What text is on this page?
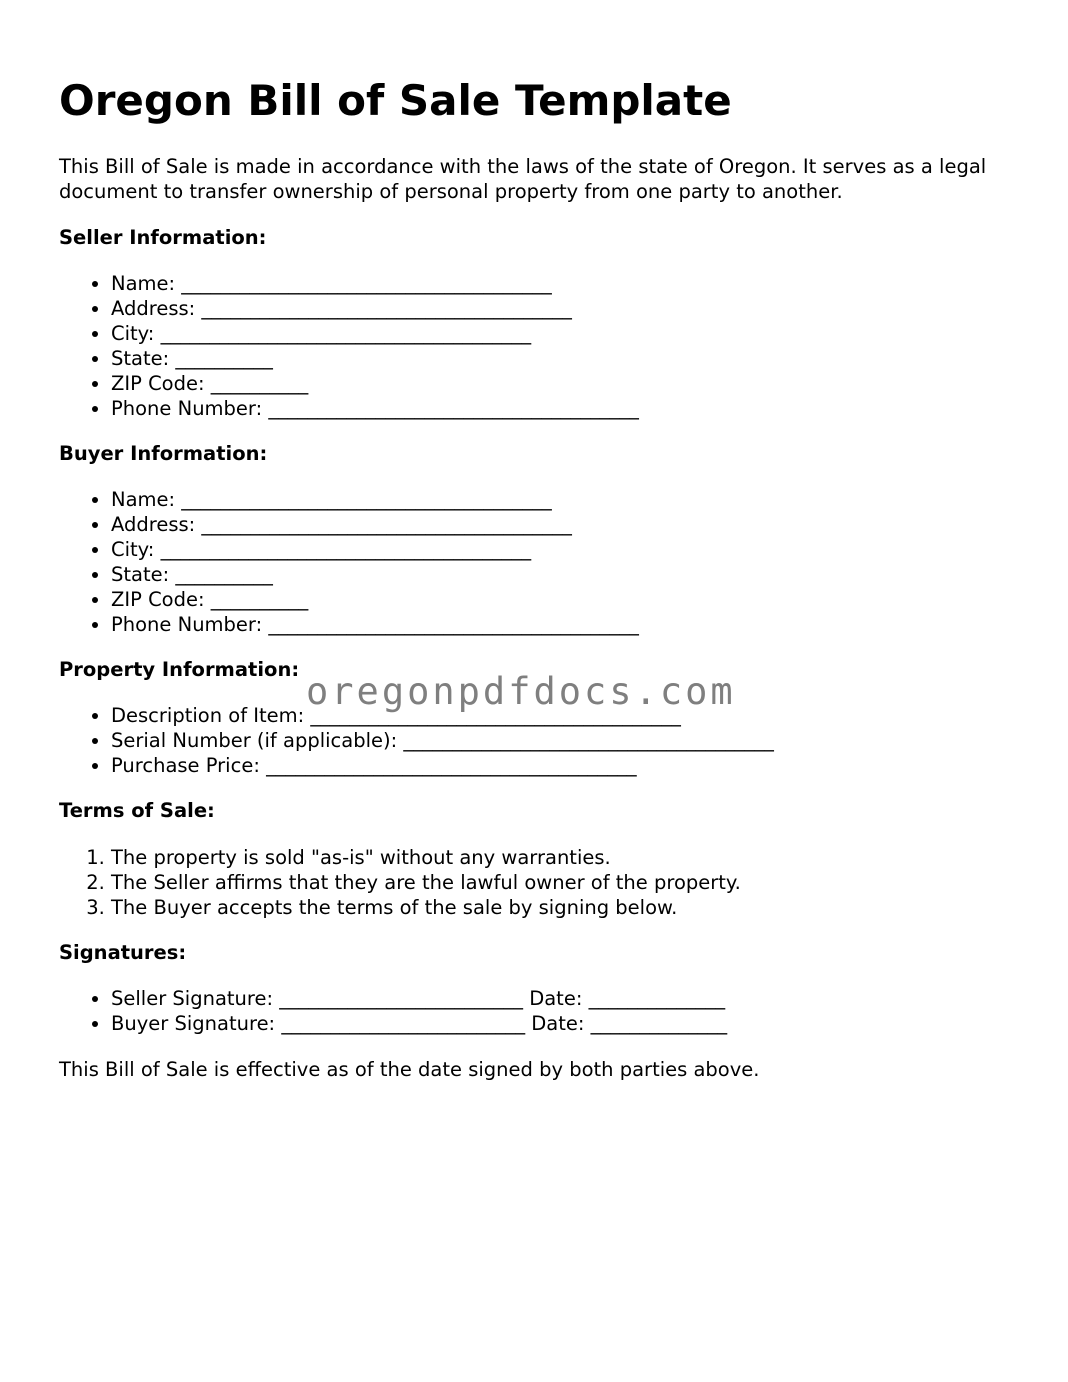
Oregon Bill of Sale Template

This Bill of Sale is made in accordance with the laws of the state of Oregon. It serves as a legal document to transfer ownership of personal property from one party to another.

Seller Information:

• Name: ______________________________________
• Address: ______________________________________
• City: ______________________________________
• State: __________
• ZIP Code: __________
• Phone Number: ______________________________________

Buyer Information:

• Name: ______________________________________
• Address: ______________________________________
• City: ______________________________________
• State: __________
• ZIP Code: __________
• Phone Number: ______________________________________

Property Information:

• Description of Item: ______________________________________
• Serial Number (if applicable): ______________________________________
• Purchase Price: ______________________________________

Terms of Sale:

1. The property is sold "as-is" without any warranties.
2. The Seller affirms that they are the lawful owner of the property.
3. The Buyer accepts the terms of the sale by signing below.

Signatures:

• Seller Signature: _________________________ Date: ______________
• Buyer Signature: _________________________ Date: ______________

This Bill of Sale is effective as of the date signed by both parties above.

oregonpdfdocs.com
